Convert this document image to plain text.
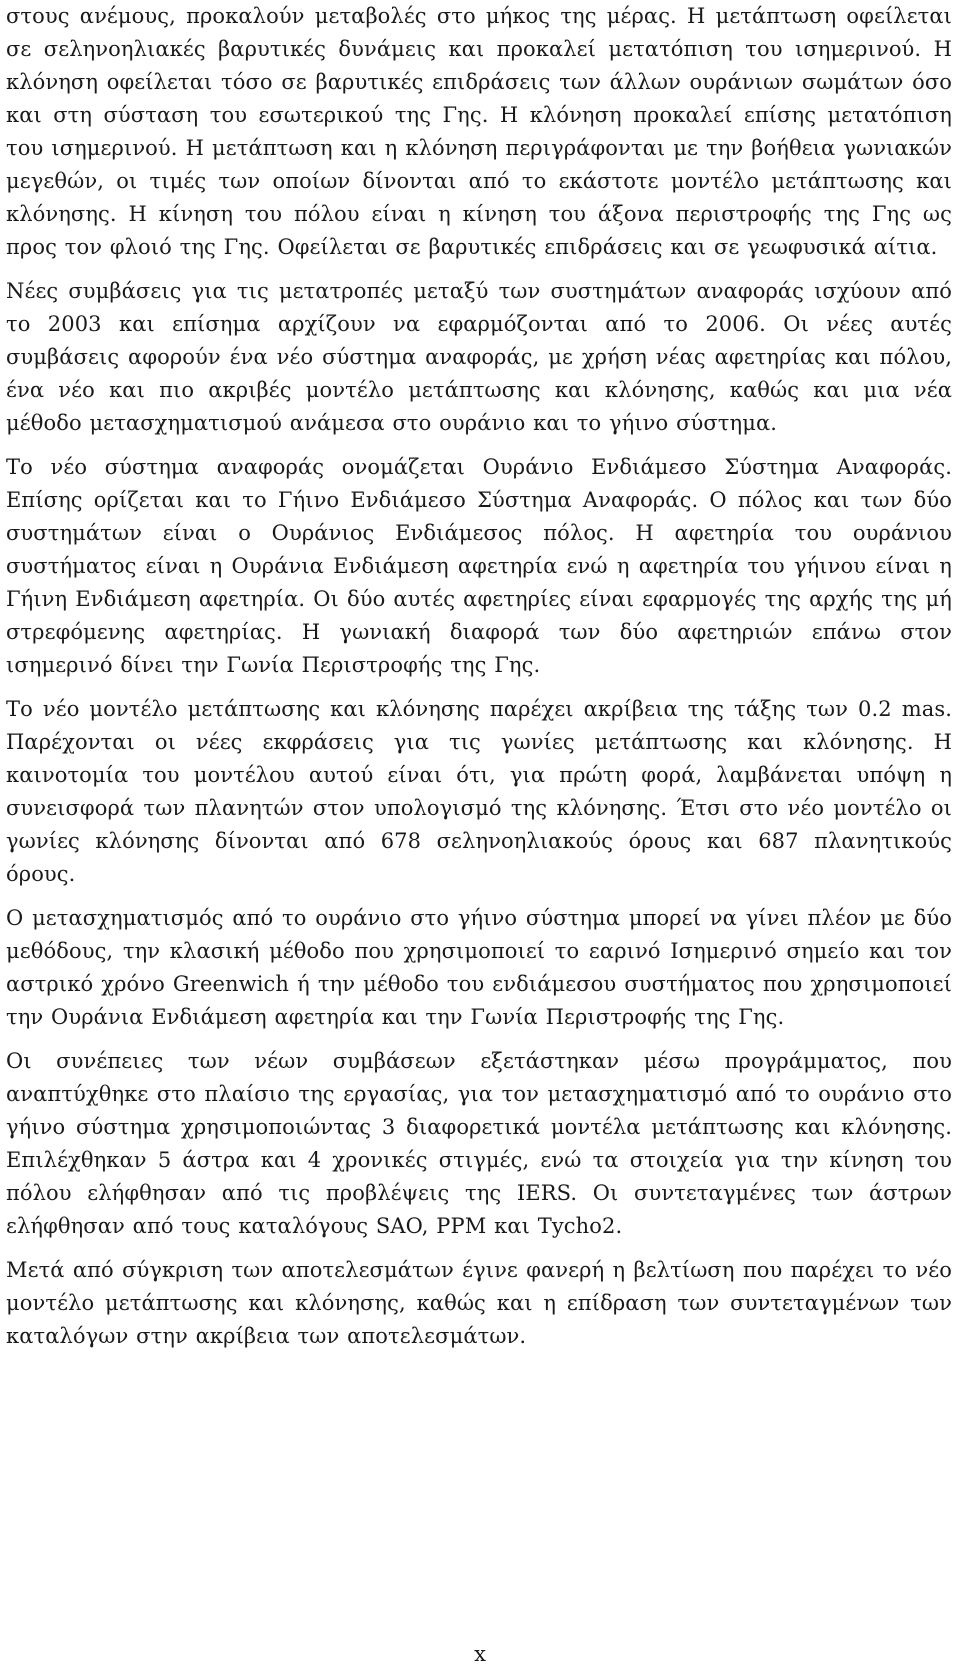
στους ανέμους, προκαλούν μεταβολές στο μήκος της μέρας. Η μετάπτωση οφείλεται σε σεληνοηλιακές βαρυτικές δυνάμεις και προκαλεί μετατόπιση του ισημερινού. Η κλόνηση οφείλεται τόσο σε βαρυτικές επιδράσεις των άλλων ουράνιων σωμάτων όσο και στη σύσταση του εσωτερικού της Γης. Η κλόνηση προκαλεί επίσης μετατόπιση του ισημερινού. Η μετάπτωση και η κλόνηση περιγράφονται με την βοήθεια γωνιακών μεγεθών, οι τιμές των οποίων δίνονται από το εκάστοτε μοντέλο μετάπτωσης και κλόνησης. Η κίνηση του πόλου είναι η κίνηση του άξονα περιστροφής της Γης ως προς τον φλοιό της Γης. Οφείλεται σε βαρυτικές επιδράσεις και σε γεωφυσικά αίτια.

Νέες συμβάσεις για τις μετατροπές μεταξύ των συστημάτων αναφοράς ισχύουν από το 2003 και επίσημα αρχίζουν να εφαρμόζονται από το 2006. Οι νέες αυτές συμβάσεις αφορούν ένα νέο σύστημα αναφοράς, με χρήση νέας αφετηρίας και πόλου, ένα νέο και πιο ακριβές μοντέλο μετάπτωσης και κλόνησης, καθώς και μια νέα μέθοδο μετασχηματισμού ανάμεσα στο ουράνιο και το γήινο σύστημα.

Το νέο σύστημα αναφοράς ονομάζεται Ουράνιο Ενδιάμεσο Σύστημα Αναφοράς. Επίσης ορίζεται και το Γήινο Ενδιάμεσο Σύστημα Αναφοράς. Ο πόλος και των δύο συστημάτων είναι ο Ουράνιος Ενδιάμεσος πόλος. Η αφετηρία του ουράνιου συστήματος είναι η Ουράνια Ενδιάμεση αφετηρία ενώ η αφετηρία του γήινου είναι η Γήινη Ενδιάμεση αφετηρία. Οι δύο αυτές αφετηρίες είναι εφαρμογές της αρχής της μή στρεφόμενης αφετηρίας. Η γωνιακή διαφορά των δύο αφετηριών επάνω στον ισημερινό δίνει την Γωνία Περιστροφής της Γης.

Το νέο μοντέλο μετάπτωσης και κλόνησης παρέχει ακρίβεια της τάξης των 0.2 mas. Παρέχονται οι νέες εκφράσεις για τις γωνίες μετάπτωσης και κλόνησης. Η καινοτομία του μοντέλου αυτού είναι ότι, για πρώτη φορά, λαμβάνεται υπόψη η συνεισφορά των πλανητών στον υπολογισμό της κλόνησης. Έτσι στο νέο μοντέλο οι γωνίες κλόνησης δίνονται από 678 σεληνοηλιακούς όρους και 687 πλανητικούς όρους.

Ο μετασχηματισμός από το ουράνιο στο γήινο σύστημα μπορεί να γίνει πλέον με δύο μεθόδους, την κλασική μέθοδο που χρησιμοποιεί το εαρινό Ισημερινό σημείο και τον αστρικό χρόνο Greenwich ή την μέθοδο του ενδιάμεσου συστήματος που χρησιμοποιεί την Ουράνια Ενδιάμεση αφετηρία και την Γωνία Περιστροφής της Γης.

Οι συνέπειες των νέων συμβάσεων εξετάστηκαν μέσω προγράμματος, που αναπτύχθηκε στο πλαίσιο της εργασίας, για τον μετασχηματισμό από το ουράνιο στο γήινο σύστημα χρησιμοποιώντας 3 διαφορετικά μοντέλα μετάπτωσης και κλόνησης. Επιλέχθηκαν 5 άστρα και 4 χρονικές στιγμές, ενώ τα στοιχεία για την κίνηση του πόλου ελήφθησαν από τις προβλέψεις της IERS. Οι συντεταγμένες των άστρων ελήφθησαν από τους καταλόγους SAO, PPM και Tycho2.

Μετά από σύγκριση των αποτελεσμάτων έγινε φανερή η βελτίωση που παρέχει το νέο μοντέλο μετάπτωσης και κλόνησης, καθώς και η επίδραση των συντεταγμένων των καταλόγων στην ακρίβεια των αποτελεσμάτων.

x
